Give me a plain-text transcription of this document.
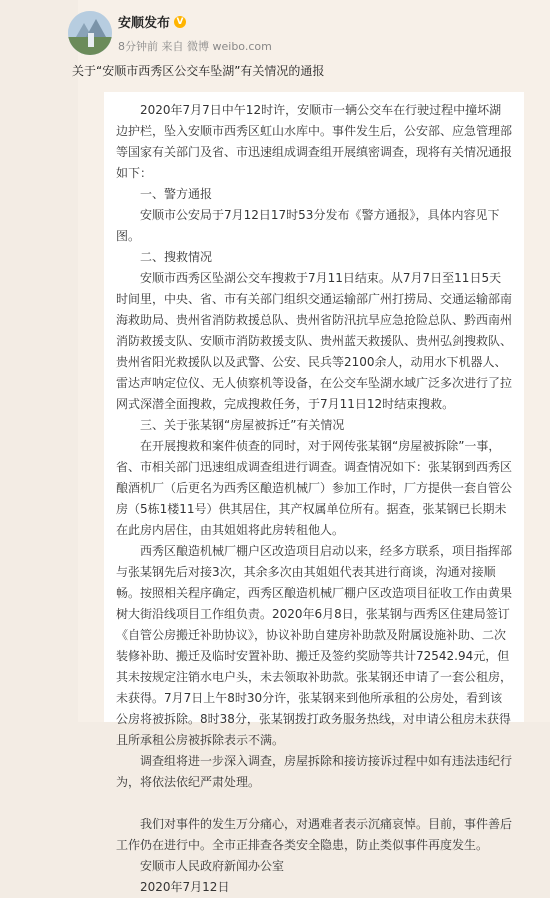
安顺发布 V
8分钟前 来自 微博 weibo.com
关于“安顺市西秀区公交车坠湖”有关情况的通报

2020年7月7日中午12时许，安顺市一辆公交车在行驶过程中撞坏湖边护栏，坠入安顺市西秀区虹山水库中。事件发生后，公安部、应急管理部等国家有关部门及省、市迅速组成调查组开展缜密调查，现将有关情况通报如下：

一、警方通报

安顺市公安局于7月12日17时53分发布《警方通报》，具体内容见下图。

二、搜救情况

安顺市西秀区坠湖公交车搜救于7月11日结束。从7月7日至11日5天时间里，中央、省、市有关部门组织交通运输部广州打捞局、交通运输部南海救助局、贵州省消防救援总队、贵州省防汛抗旱应急抢险总队、黔西南州消防救援支队、安顺市消防救援支队、贵州蓝天救援队、贵州弘剑搜救队、贵州省阳光救援队以及武警、公安、民兵等2100余人，动用水下机器人、雷达声呐定位仪、无人侦察机等设备，在公交车坠湖水域广泛多次进行了拉网式深潜全面搜救，完成搜救任务，于7月11日12时结束搜救。

三、关于张某钢“房屋被拆迁”有关情况

在开展搜救和案件侦查的同时，对于网传张某钢“房屋被拆除”一事，省、市相关部门迅速组成调查组进行调查。调查情况如下：张某钢到西秀区酿酒机厂（后更名为西秀区酿造机械厂）参加工作时，厂方提供一套自管公房（5栋1楼11号）供其居住，其产权属单位所有。据查，张某钢已长期未在此房内居住，由其姐姐将此房转租他人。

西秀区酿造机械厂棚户区改造项目启动以来，经多方联系，项目指挥部与张某钢先后对接3次，其余多次由其姐姐代表其进行商谈，沟通对接顺畅。按照相关程序确定，西秀区酿造机械厂棚户区改造项目征收工作由黄果树大街沿线项目工作组负责。2020年6月8日，张某钢与西秀区住建局签订《自管公房搬迁补助协议》，协议补助自建房补助款及附属设施补助、二次装修补助、搬迁及临时安置补助、搬迁及签约奖励等共计72542.94元，但其未按规定注销水电户头，未去领取补助款。张某钢还申请了一套公租房，未获得。7月7日上午8时30分许，张某钢来到他所承租的公房处，看到该公房将被拆除。8时38分，张某钢拨打政务服务热线，对申请公租房未获得且所承租公房被拆除表示不满。

调查组将进一步深入调查，房屋拆除和接访接诉过程中如有违法违纪行为，将依法依纪严肃处理。

我们对事件的发生万分痛心，对遇难者表示沉痛哀悼。目前，事件善后工作仍在进行中。全市正排查各类安全隐患，防止类似事件再度发生。

安顺市人民政府新闻办公室

2020年7月12日
